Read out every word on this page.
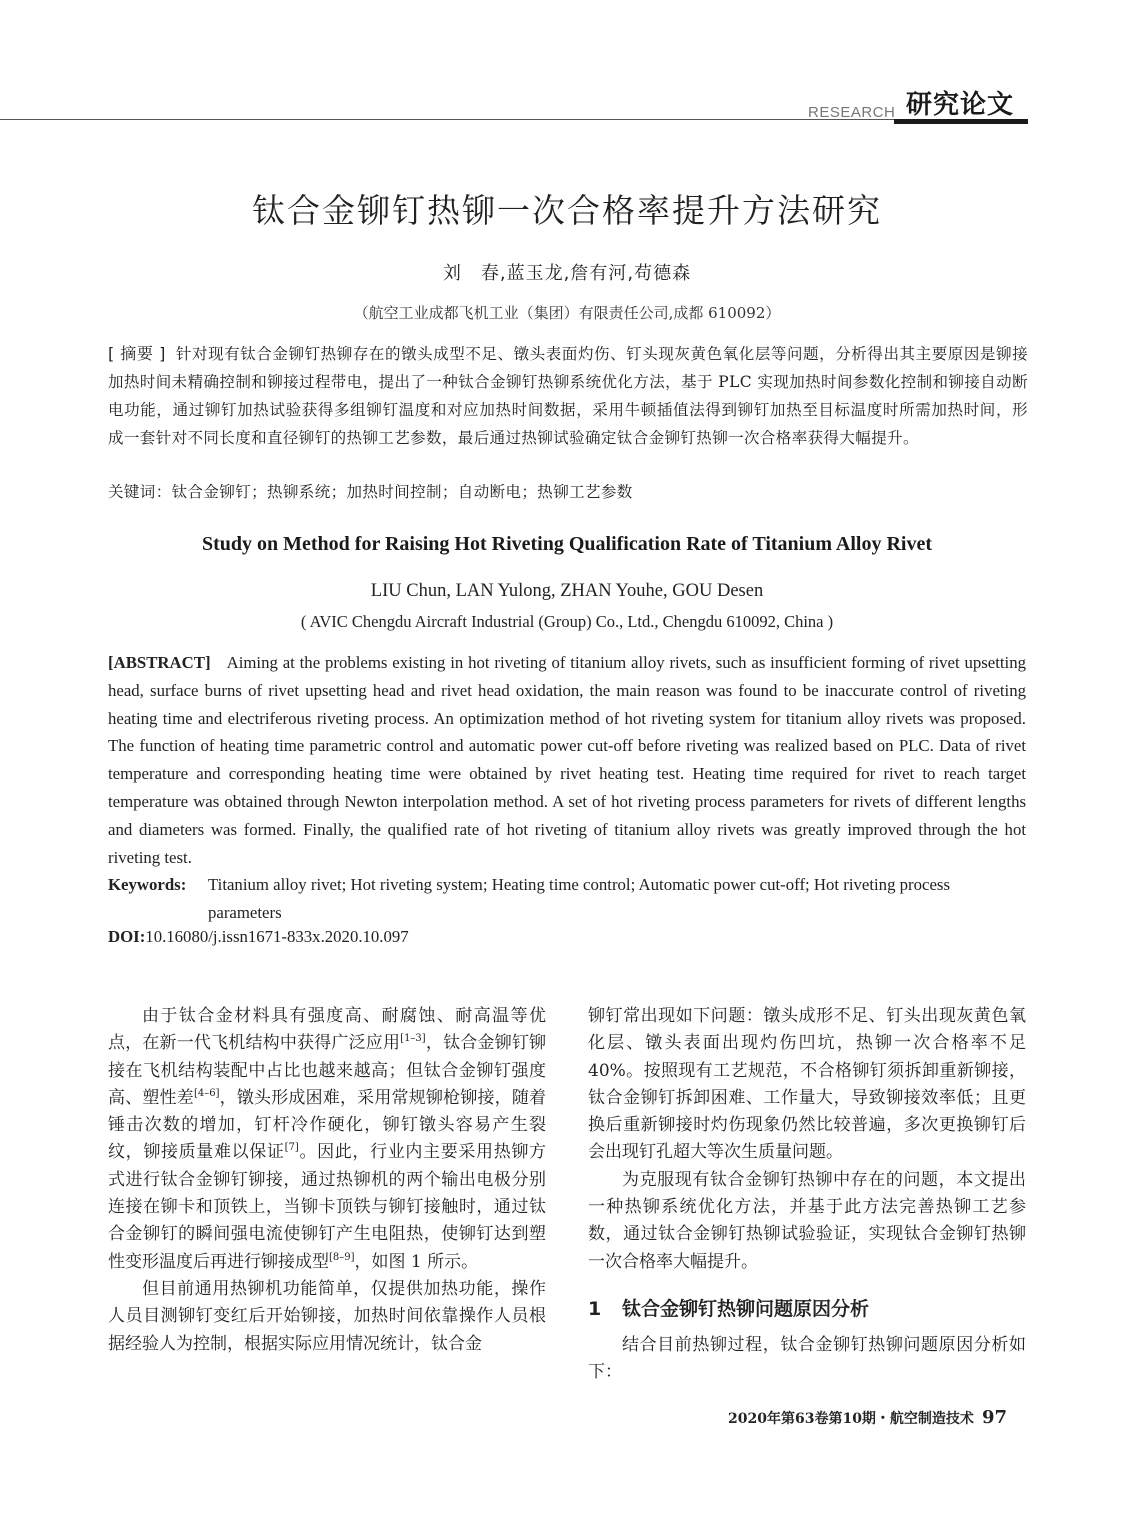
RESEARCH 研究论文
钛合金铆钉热铆一次合格率提升方法研究
刘　春,蓝玉龙,詹有河,苟德森
（航空工业成都飞机工业（集团）有限责任公司,成都 610092）
[ 摘要 ] 针对现有钛合金铆钉热铆存在的镦头成型不足、镦头表面灼伤、钉头现灰黄色氧化层等问题，分析得出其主要原因是铆接加热时间未精确控制和铆接过程带电，提出了一种钛合金铆钉热铆系统优化方法，基于 PLC 实现加热时间参数化控制和铆接自动断电功能，通过铆钉加热试验获得多组铆钉温度和对应加热时间数据，采用牛顿插值法得到铆钉加热至目标温度时所需加热时间，形成一套针对不同长度和直径铆钉的热铆工艺参数，最后通过热铆试验确定钛合金铆钉热铆一次合格率获得大幅提升。
关键词：钛合金铆钉；热铆系统；加热时间控制；自动断电；热铆工艺参数
Study on Method for Raising Hot Riveting Qualification Rate of Titanium Alloy Rivet
LIU Chun, LAN Yulong, ZHAN Youhe, GOU Desen
( AVIC Chengdu Aircraft Industrial (Group) Co., Ltd., Chengdu 610092, China )
[ABSTRACT] Aiming at the problems existing in hot riveting of titanium alloy rivets, such as insufficient forming of rivet upsetting head, surface burns of rivet upsetting head and rivet head oxidation, the main reason was found to be inaccurate control of riveting heating time and electriferous riveting process. An optimization method of hot riveting system for titanium alloy rivets was proposed. The function of heating time parametric control and automatic power cut-off before riveting was realized based on PLC. Data of rivet temperature and corresponding heating time were obtained by rivet heating test. Heating time required for rivet to reach target temperature was obtained through Newton interpolation method. A set of hot riveting process parameters for rivets of different lengths and diameters was formed. Finally, the qualified rate of hot riveting of titanium alloy rivets was greatly improved through the hot riveting test.
Keywords:	Titanium alloy rivet; Hot riveting system; Heating time control; Automatic power cut-off; Hot riveting process parameters
DOI:10.16080/j.issn1671-833x.2020.10.097

由于钛合金材料具有强度高、耐腐蚀、耐高温等优点，在新一代飞机结构中获得广泛应用[1–3]，钛合金铆钉铆接在飞机结构装配中占比也越来越高；但钛合金铆钉强度高、塑性差[4–6]，镦头形成困难，采用常规铆枪铆接，随着锤击次数的增加，钉杆冷作硬化，铆钉镦头容易产生裂纹，铆接质量难以保证[7]。因此，行业内主要采用热铆方式进行钛合金铆钉铆接，通过热铆机的两个输出电极分别连接在铆卡和顶铁上，当铆卡顶铁与铆钉接触时，通过钛合金铆钉的瞬间强电流使铆钉产生电阻热，使铆钉达到塑性变形温度后再进行铆接成型[8–9]，如图 1 所示。

但目前通用热铆机功能简单，仅提供加热功能，操作人员目测铆钉变红后开始铆接，加热时间依靠操作人员根据经验人为控制，根据实际应用情况统计，钛合金

铆钉常出现如下问题：镦头成形不足、钉头出现灰黄色氧化层、镦头表面出现灼伤凹坑，热铆一次合格率不足 40%。按照现有工艺规范，不合格铆钉须拆卸重新铆接，钛合金铆钉拆卸困难、工作量大，导致铆接效率低；且更换后重新铆接时灼伤现象仍然比较普遍，多次更换铆钉后会出现钉孔超大等次生质量问题。

为克服现有钛合金铆钉热铆中存在的问题，本文提出一种热铆系统优化方法，并基于此方法完善热铆工艺参数，通过钛合金铆钉热铆试验验证，实现钛合金铆钉热铆一次合格率大幅提升。

1 钛合金铆钉热铆问题原因分析

结合目前热铆过程，钛合金铆钉热铆问题原因分析如下：

2020年第63卷第10期・航空制造技术 97
